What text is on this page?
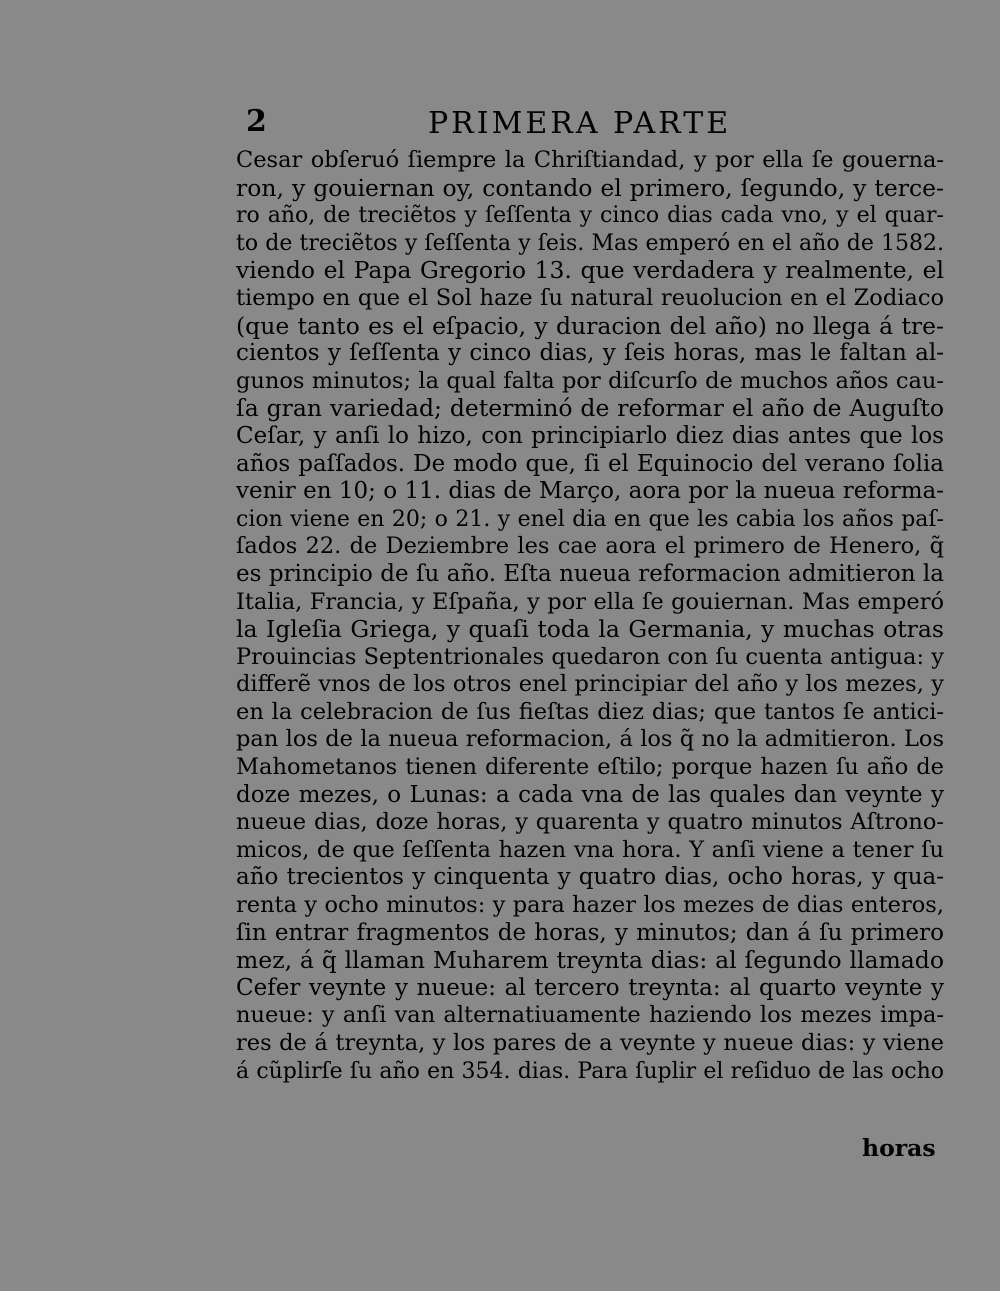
2	PRIMERA PARTE
Cesar obſeruó ſiempre la Chriſtiandad, y por ella ſe gouerna-
ron, y gouiernan oy, contando el primero, ſegundo, y terce-
ro año, de treciẽtos y ſeſſenta y cinco dias cada vno, y el quar-
to de treciẽtos y ſeſſenta y ſeis. Mas emperó en el año de 1582.
viendo el Papa Gregorio 13. que verdadera y realmente, el
tiempo en que el Sol haze ſu natural reuolucion en el Zodiaco
(que tanto es el eſpacio, y duracion del año) no llega á tre-
cientos y ſeſſenta y cinco dias, y ſeis horas, mas le faltan al-
gunos minutos; la qual falta por diſcurſo de muchos años cau-
ſa gran variedad; determinó de reformar el año de Auguſto
Ceſar, y anſi lo hizo, con principiarlo diez dias antes que los
años paſſados. De modo que, ſi el Equinocio del verano ſolia
venir en 10; o 11. dias de Março, aora por la nueua reforma-
cion viene en 20; o 21. y enel dia en que les cabia los años paſ-
ſados 22. de Deziembre les cae aora el primero de Henero, q̃
es principio de ſu año. Eſta nueua reformacion admitieron la
Italia, Francia, y Eſpaña, y por ella ſe gouiernan. Mas emperó
la Igleſia Griega, y quaſi toda la Germania, y muchas otras
Prouincias Septentrionales quedaron con ſu cuenta antigua: y
differẽ vnos de los otros enel principiar del año y los mezes, y
en la celebracion de ſus fieſtas diez dias; que tantos ſe antici-
pan los de la nueua reformacion, á los q̃ no la admitieron. Los
Mahometanos tienen diferente eſtilo; porque hazen ſu año de
doze mezes, o Lunas: a cada vna de las quales dan veynte y
nueue dias, doze horas, y quarenta y quatro minutos Aſtrono-
micos, de que ſeſſenta hazen vna hora. Y anſi viene a tener ſu
año trecientos y cinquenta y quatro dias, ocho horas, y qua-
renta y ocho minutos: y para hazer los mezes de dias enteros,
ſin entrar fragmentos de horas, y minutos; dan á ſu primero
mez, á q̃ llaman Muharem treynta dias: al ſegundo llamado
Cefer veynte y nueue: al tercero treynta: al quarto veynte y
nueue: y anſi van alternatiuamente haziendo los mezes impa-
res de á treynta, y los pares de a veynte y nueue dias: y viene
á cũplirſe ſu año en 354. dias. Para ſuplir el reſiduo de las ocho
horas
